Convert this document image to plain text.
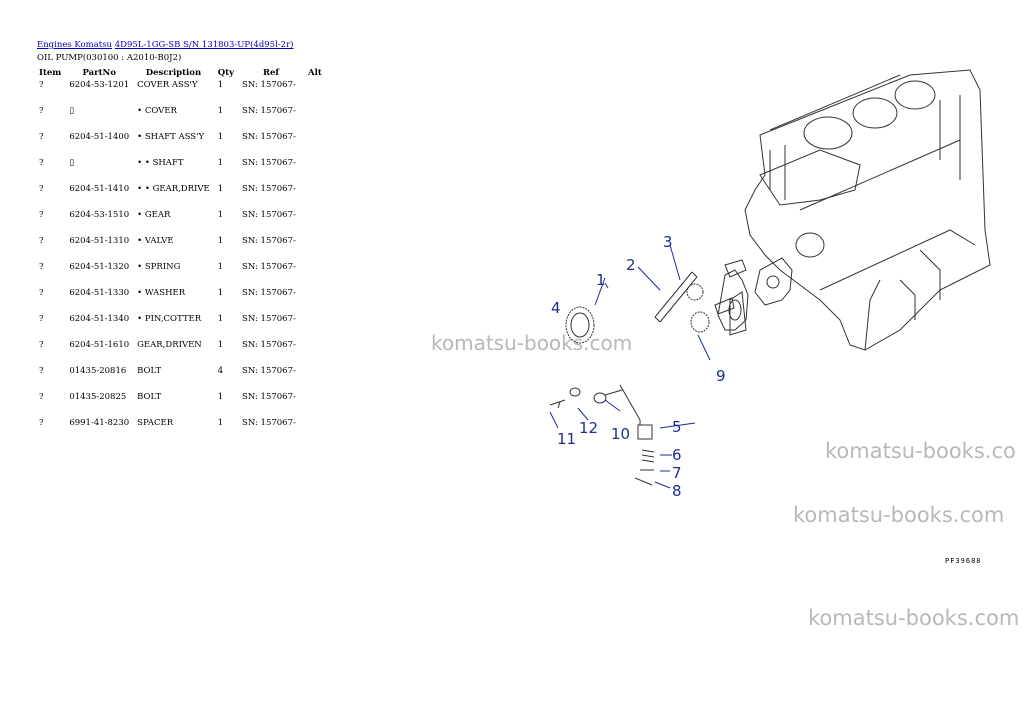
Engines Komatsu 4D95L-1GG-SB S/N 131803-UP(4d95l-2r)
OIL PUMP(030100 : A2010-B0J2)
Item	PartNo	Description	Qty	Ref	Alt
?	6204-53-1201	COVER ASS'Y	1	SN: 157067-	
?	▯	• COVER	1	SN: 157067-	
?	6204-51-1400	• SHAFT ASS'Y	1	SN: 157067-	
?	▯	• • SHAFT	1	SN: 157067-	
?	6204-51-1410	• • GEAR,DRIVE	1	SN: 157067-	
?	6204-53-1510	• GEAR	1	SN: 157067-	
?	6204-51-1310	• VALVE	1	SN: 157067-	
?	6204-51-1320	• SPRING	1	SN: 157067-	
?	6204-51-1330	• WASHER	1	SN: 157067-	
?	6204-51-1340	• PIN,COTTER	1	SN: 157067-	
?	6204-51-1610	GEAR,DRIVEN	1	SN: 157067-	
?	01435-20816	BOLT	4	SN: 157067-	
?	01435-20825	BOLT	1	SN: 157067-	
?	6991-41-8230	SPACER	1	SN: 157067-	
komatsu-books.com
komatsu-books.co
komatsu-books.com
komatsu-books.com
1
2
3
4
5
6
7
8
9
10
11
12
PF39688
